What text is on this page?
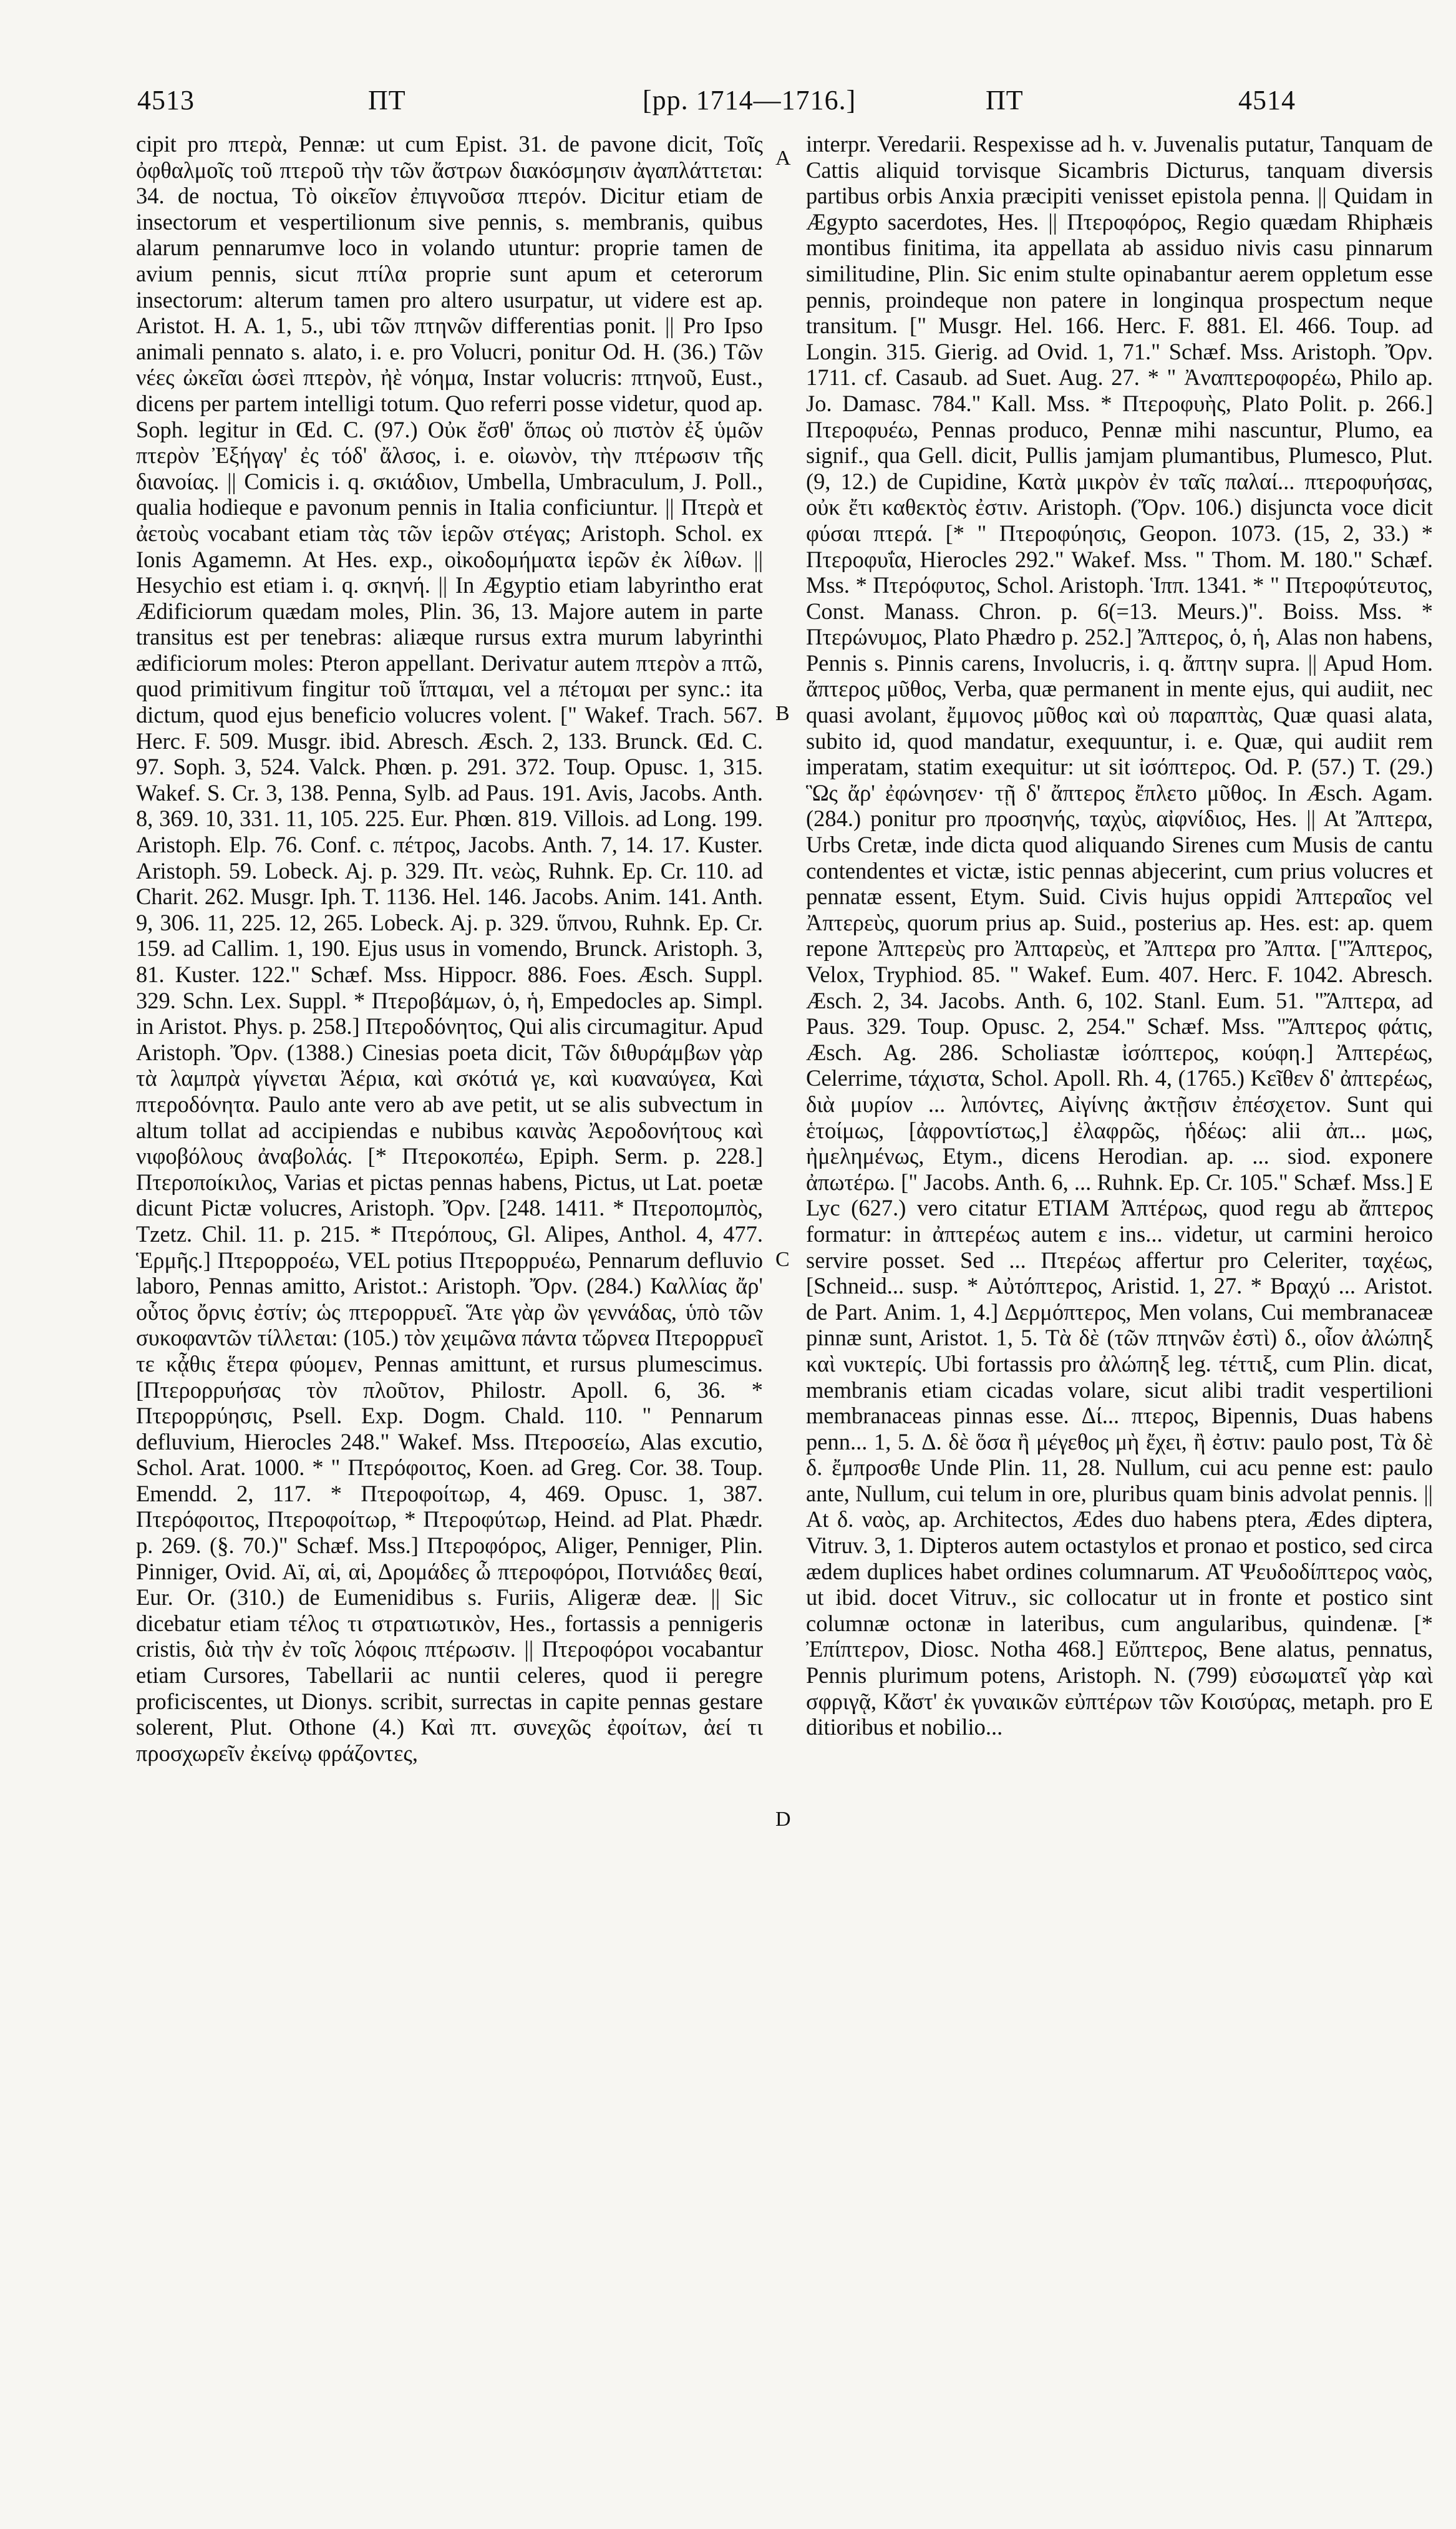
4513	ΠΤ	[pp. 1714—1716.]	ΠΤ	4514

cipit pro πτερὰ, Pennæ: ut cum Epist. 31. de pavone dicit, Τοῖς ὀφθαλμοῖς τοῦ πτεροῦ τὴν τῶν ἄστρων διακόσμησιν ἀγαπλάττεται: 34. de noctua, Τὸ οἰκεῖον ἐπιγνοῦσα πτερόν. Dicitur etiam de insectorum et vespertilionum sive pennis, s. membranis, quibus alarum pennarumve loco in volando utuntur: proprie tamen de avium pennis, sicut πτίλα proprie sunt apum et ceterorum insectorum: alterum tamen pro altero usurpatur, ut videre est ap. Aristot. H. A. 1, 5., ubi τῶν πτηνῶν differentias ponit. || Pro Ipso animali pennato s. alato, i. e. pro Volucri, ponitur Od. H. (36.) Τῶν νέες ὠκεῖαι ὡσεὶ πτερὸν, ἠὲ νόημα, Instar volucris: πτηνοῦ, Eust., dicens per partem intelligi totum. Quo referri posse videtur, quod ap. Soph. legitur in Œd. C. (97.) Οὐκ ἔσθ' ὅπως οὐ πιστὸν ἐξ ὑμῶν πτερὸν Ἐξήγαγ' ἐς τόδ' ἄλσος, i. e. οἰωνὸν, τὴν πτέρωσιν τῆς διανοίας. || Comicis i. q. σκιάδιον, Umbella, Umbraculum, J. Poll., qualia hodieque e pavonum pennis in Italia conficiuntur. || Πτερὰ et ἀετοὺς vocabant etiam τὰς τῶν ἱερῶν στέγας; Aristoph. Schol. ex Ionis Agamemn. At Hes. exp., οἰκοδομήματα ἱερῶν ἐκ λίθων. || Hesychio est etiam i. q. σκηνή. || In Ægyptio etiam labyrintho erat Ædificiorum quædam moles, Plin. 36, 13. Majore autem in parte transitus est per tenebras: aliæque rursus extra murum labyrinthi ædificiorum moles: Pteron appellant. Derivatur autem πτερὸν a πτῶ, quod primitivum fingitur τοῦ ἵπταμαι, vel a πέτομαι per sync.: ita dictum, quod ejus beneficio volucres volent. [" Wakef. Trach. 567. Herc. F. 509. Musgr. ibid. Abresch. Æsch. 2, 133. Brunck. Œd. C. 97. Soph. 3, 524. Valck. Phœn. p. 291. 372. Toup. Opusc. 1, 315. Wakef. S. Cr. 3, 138. Penna, Sylb. ad Paus. 191. Avis, Jacobs. Anth. 8, 369. 10, 331. 11, 105. 225. Eur. Phœn. 819. Villois. ad Long. 199. Aristoph. Elp. 76. Conf. c. πέτρος, Jacobs. Anth. 7, 14. 17. Kuster. Aristoph. 59. Lobeck. Aj. p. 329. Πτ. νεὼς, Ruhnk. Ep. Cr. 110. ad Charit. 262. Musgr. Iph. T. 1136. Hel. 146. Jacobs. Anim. 141. Anth. 9, 306. 11, 225. 12, 265. Lobeck. Aj. p. 329. ὕπνου, Ruhnk. Ep. Cr. 159. ad Callim. 1, 190. Ejus usus in vomendo, Brunck. Aristoph. 3, 81. Kuster. 122." Schæf. Mss. Hippocr. 886. Foes. Æsch. Suppl. 329. Schn. Lex. Suppl. * Πτεροβάμων, ὁ, ἡ, Empedocles ap. Simpl. in Aristot. Phys. p. 258.] Πτεροδόνητος, Qui alis circumagitur. Apud Aristoph. Ὄρν. (1388.) Cinesias poeta dicit, Τῶν διθυράμβων γὰρ τὰ λαμπρὰ γίγνεται Ἀέρια, καὶ σκότιά γε, καὶ κυαναύγεα, Καὶ πτεροδόνητα. Paulo ante vero ab ave petit, ut se alis subvectum in altum tollat ad accipiendas e nubibus καινὰς Ἀεροδονήτους καὶ νιφοβόλους ἀναβολάς. [* Πτεροκοπέω, Epiph. Serm. p. 228.] Πτεροποίκιλος, Varias et pictas pennas habens, Pictus, ut Lat. poetæ dicunt Pictæ volucres, Aristoph. Ὄρν. [248. 1411. * Πτεροπομπὸς, Tzetz. Chil. 11. p. 215. * Πτερόπους, Gl. Alipes, Anthol. 4, 477. Ἑρμῆς.] Πτερορροέω, VEL potius Πτερορρυέω, Pennarum defluvio laboro, Pennas amitto, Aristot.: Aristoph. Ὄρν. (284.) Καλλίας ἄρ' οὗτος ὄρνις ἐστίν; ὡς πτερορρυεῖ. Ἅτε γὰρ ὢν γεννάδας, ὑπὸ τῶν συκοφαντῶν τίλλεται: (105.) τὸν χειμῶνα πάντα τὤρνεα Πτερορρυεῖ τε κᾆθις ἕτερα φύομεν, Pennas amittunt, et rursus plumescimus. [Πτερορρυήσας τὸν πλοῦτον, Philostr. Apoll. 6, 36. * Πτερορρύησις, Psell. Exp. Dogm. Chald. 110. " Pennarum defluvium, Hierocles 248." Wakef. Mss. Πτεροσείω, Alas excutio, Schol. Arat. 1000. * " Πτερόφοιτος, Koen. ad Greg. Cor. 38. Toup. Emendd. 2, 117. * Πτεροφοίτωρ, 4, 469. Opusc. 1, 387. Πτερόφοιτος, Πτεροφοίτωρ, * Πτεροφύτωρ, Heind. ad Plat. Phædr. p. 269. (§. 70.)" Schæf. Mss.] Πτεροφόρος, Aliger, Penniger, Plin. Pinniger, Ovid. Aï, αἱ, αἱ, Δρομάδες ὦ πτεροφόροι, Ποτνιάδες θεαί, Eur. Or. (310.) de Eumenidibus s. Furiis, Aligeræ deæ. || Sic dicebatur etiam τέλος τι στρατιωτικὸν, Hes., fortassis a pennigeris cristis, διὰ τὴν ἐν τοῖς λόφοις πτέρωσιν. || Πτεροφόροι vocabantur etiam Cursores, Tabellarii ac nuntii celeres, quod ii peregre proficiscentes, ut Dionys. scribit, surrectas in capite pennas gestare solerent, Plut. Othone (4.) Καὶ πτ. συνεχῶς ἐφοίτων, ἀεί τι προσχωρεῖν ἐκείνῳ φράζοντες,

A
B
C
D

interpr. Veredarii. Respexisse ad h. v. Juvenalis putatur, Tanquam de Cattis aliquid torvisque Sicambris Dicturus, tanquam diversis partibus orbis Anxia præcipiti venisset epistola penna. || Quidam in Ægypto sacerdotes, Hes. || Πτεροφόρος, Regio quædam Rhiphæis montibus finitima, ita appellata ab assiduo nivis casu pinnarum similitudine, Plin. Sic enim stulte opinabantur aerem oppletum esse pennis, proindeque non patere in longinqua prospectum neque transitum. [" Musgr. Hel. 166. Herc. F. 881. El. 466. Toup. ad Longin. 315. Gierig. ad Ovid. 1, 71." Schæf. Mss. Aristoph. Ὄρν. 1711. cf. Casaub. ad Suet. Aug. 27. * " Ἀναπτεροφορέω, Philo ap. Jo. Damasc. 784." Kall. Mss. * Πτεροφυὴς, Plato Polit. p. 266.] Πτεροφυέω, Pennas produco, Pennæ mihi nascuntur, Plumo, ea signif., qua Gell. dicit, Pullis jamjam plumantibus, Plumesco, Plut. (9, 12.) de Cupidine, Κατὰ μικρὸν ἐν ταῖς παλαί... πτεροφυήσας, οὐκ ἔτι καθεκτὸς ἐστιν. Aristoph. (Ὄρν. 106.) disjuncta voce dicit φύσαι πτερά. [* " Πτεροφύησις, Geopon. 1073. (15, 2, 33.) * Πτεροφυΐα, Hierocles 292." Wakef. Mss. " Thom. M. 180." Schæf. Mss. * Πτερόφυτος, Schol. Aristoph. Ἱππ. 1341. * " Πτεροφύτευτος, Const. Manass. Chron. p. 6(=13. Meurs.)". Boiss. Mss. * Πτερώνυμος, Plato Phædro p. 252.] Ἄπτερος, ὁ, ἡ, Alas non habens, Pennis s. Pinnis carens, Involucris, i. q. ἄπτην supra. || Apud Hom. ἄπτερος μῦθος, Verba, quæ permanent in mente ejus, qui audiit, nec quasi avolant, ἔμμονος μῦθος καὶ οὐ παραπτὰς, Quæ quasi alata, subito id, quod mandatur, exequuntur, i. e. Quæ, qui audiit rem imperatam, statim exequitur: ut sit ἰσόπτερος. Od. P. (57.) T. (29.) Ὣς ἄρ' ἐφώνησεν· τῇ δ' ἄπτερος ἔπλετο μῦθος. In Æsch. Agam. (284.) ponitur pro προσηνής, ταχὺς, αἰφνίδιος, Hes. || At Ἄπτερα, Urbs Cretæ, inde dicta quod aliquando Sirenes cum Musis de cantu contendentes et victæ, istic pennas abjecerint, cum prius volucres et pennatæ essent, Etym. Suid. Civis hujus oppidi Ἀπτεραῖος vel Ἀπτερεὺς, quorum prius ap. Suid., posterius ap. Hes. est: ap. quem repone Ἀπτερεὺς pro Ἀπταρεὺς, et Ἄπτερα pro Ἄπτα. ["Ἄπτερος, Velox, Tryphiod. 85. " Wakef. Eum. 407. Herc. F. 1042. Abresch. Æsch. 2, 34. Jacobs. Anth. 6, 102. Stanl. Eum. 51. "Ἄπτερα, ad Paus. 329. Toup. Opusc. 2, 254." Schæf. Mss. "Ἄπτερος φάτις, Æsch. Ag. 286. Scholiastæ ἰσόπτερος, κούφη.] Ἀπτερέως, Celerrime, τάχιστα, Schol. Apoll. Rh. 4, (1765.) Κεῖθεν δ' ἀπτερέως, διὰ μυρίον ... λιπόντες, Αἰγίνης ἀκτῇσιν ἐπέσχετον. Sunt qui ἑτοίμως, [ἀφροντίστως,] ἐλαφρῶς, ἡδέως: alii ἀπ... μως, ἠμελημένως, Etym., dicens Herodian. ap. ... siod. exponere ἀπωτέρω. [" Jacobs. Anth. 6, ... Ruhnk. Ep. Cr. 105." Schæf. Mss.] E Lyc (627.) vero citatur ETIAM Ἀπτέρως, quod regu ab ἄπτερος formatur: in ἀπτερέως autem ε ins... videtur, ut carmini heroico servire posset. Sed ... Πτερέως affertur pro Celeriter, ταχέως, [Schneid... susp. * Αὐτόπτερος, Aristid. 1, 27. * Βραχύ ... Aristot. de Part. Anim. 1, 4.] Δερμόπτερος, Men volans, Cui membranaceæ pinnæ sunt, Aristot. 1, 5. Τὰ δὲ (τῶν πτηνῶν ἐστὶ) δ., οἷον ἀλώπηξ καὶ νυκτερίς. Ubi fortassis pro ἀλώπηξ leg. τέττιξ, cum Plin. dicat, membranis etiam cicadas volare, sicut alibi tradit vespertilioni membranaceas pinnas esse. Δί... πτερος, Bipennis, Duas habens penn... 1, 5. Δ. δὲ ὅσα ἢ μέγεθος μὴ ἔχει, ἢ ἐστιν: paulo post, Τὰ δὲ δ. ἔμπροσθε Unde Plin. 11, 28. Nullum, cui acu penne est: paulo ante, Nullum, cui telum in ore, pluribus quam binis advolat pennis. || At δ. ναὸς, ap. Architectos, Ædes duo habens ptera, Ædes diptera, Vitruv. 3, 1. Dipteros autem octastylos et pronao et postico, sed circa ædem duplices habet ordines columnarum. AT Ψευδοδίπτερος ναὸς, ut ibid. docet Vitruv., sic collocatur ut in fronte et postico sint columnæ octonæ in lateribus, cum angularibus, quindenæ. [* Ἐπίπτερον, Diosc. Notha 468.] Εὔπτερος, Bene alatus, pennatus, Pennis plurimum potens, Aristoph. N. (799) εὐσωματεῖ γὰρ καὶ σφριγᾷ, Κἄστ' ἐκ γυναικῶν εὐπτέρων τῶν Κοισύρας, metaph. pro E ditioribus et nobilio...
